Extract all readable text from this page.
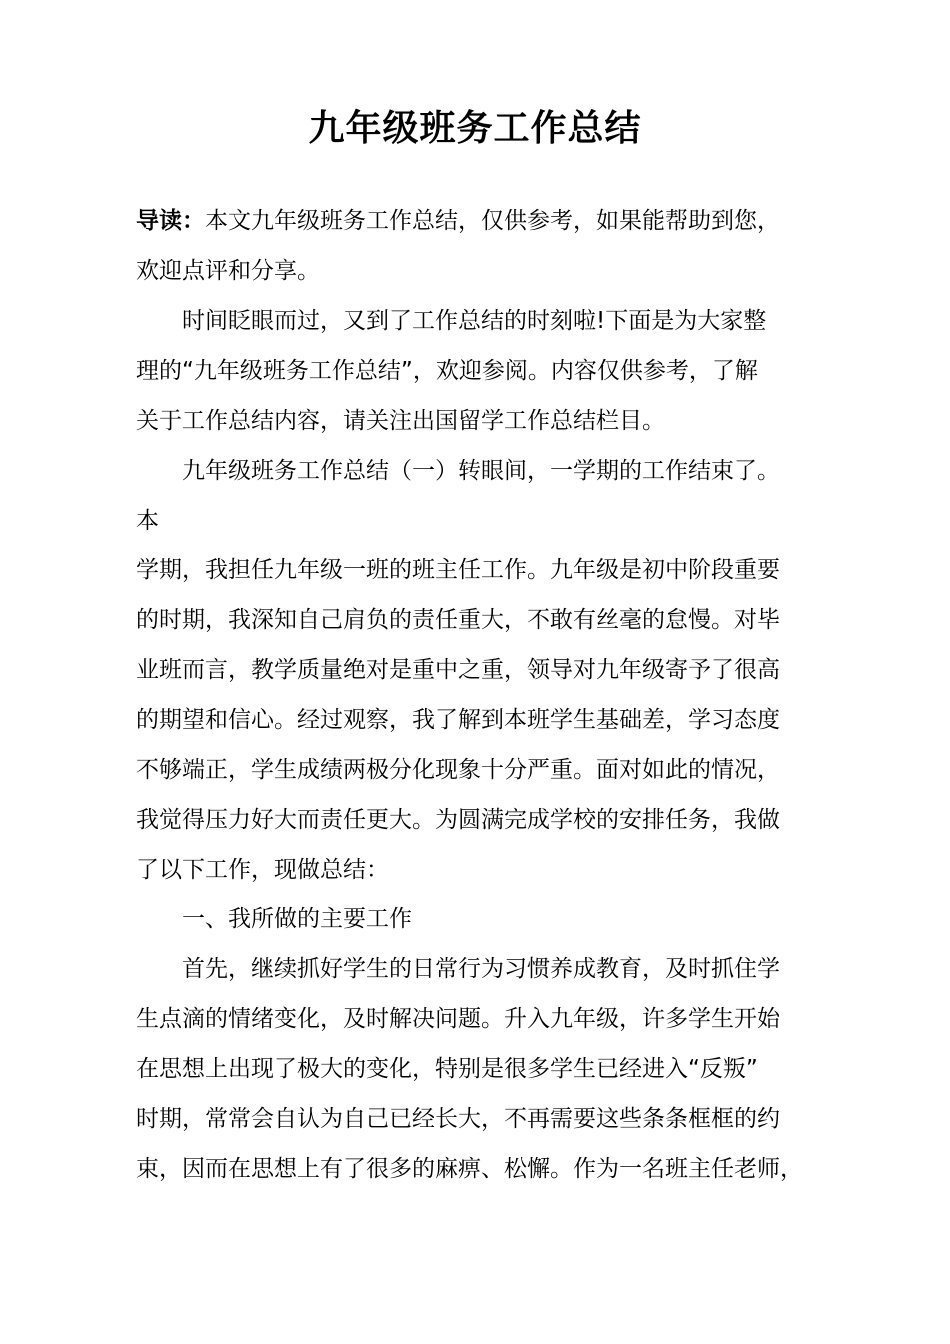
九年级班务工作总结
导读：本文九年级班务工作总结，仅供参考，如果能帮助到您，
欢迎点评和分享。
时间眨眼而过，又到了工作总结的时刻啦!下面是为大家整
理的“九年级班务工作总结”，欢迎参阅。内容仅供参考，了解
关于工作总结内容，请关注出国留学工作总结栏目。
九年级班务工作总结（一）转眼间，一学期的工作结束了。
本
学期，我担任九年级一班的班主任工作。九年级是初中阶段重要
的时期，我深知自己肩负的责任重大，不敢有丝毫的怠慢。对毕
业班而言，教学质量绝对是重中之重，领导对九年级寄予了很高
的期望和信心。经过观察，我了解到本班学生基础差，学习态度
不够端正，学生成绩两极分化现象十分严重。面对如此的情况，
我觉得压力好大而责任更大。为圆满完成学校的安排任务，我做
了以下工作，现做总结：
一、我所做的主要工作
首先，继续抓好学生的日常行为习惯养成教育，及时抓住学
生点滴的情绪变化，及时解决问题。升入九年级，许多学生开始
在思想上出现了极大的变化，特别是很多学生已经进入“反叛”
时期，常常会自认为自己已经长大，不再需要这些条条框框的约
束，因而在思想上有了很多的麻痹、松懈。作为一名班主任老师，
